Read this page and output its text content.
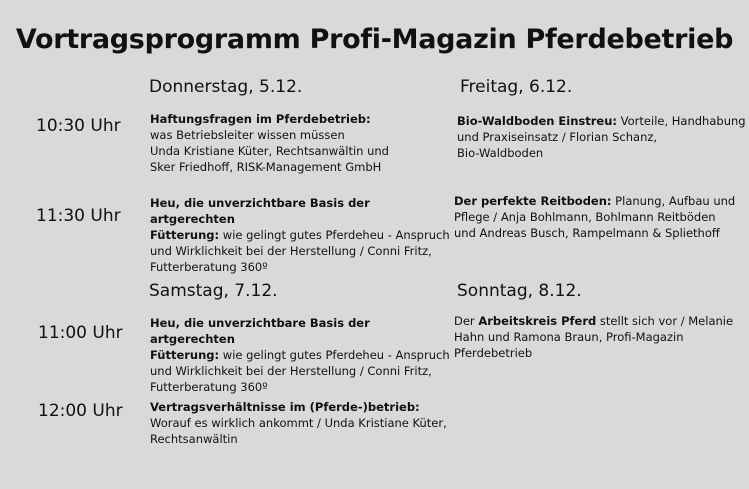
Vortragsprogramm Profi-Magazin Pferdebetrieb
Donnerstag, 5.12.	Freitag, 6.12.
Samstag, 7.12.	Sonntag, 8.12.
10:30 Uhr
11:30 Uhr
11:00 Uhr
12:00 Uhr
Haftungsfragen im Pferdebetrieb:
was Betriebsleiter wissen müssen
Unda Kristiane Küter, Rechtsanwältin und
Sker Friedhoff, RISK-Management GmbH
Heu, die unverzichtbare Basis der artgerechten
Fütterung: wie gelingt gutes Pferdeheu - Anspruch
und Wirklichkeit bei der Herstellung / Conni Fritz,
Futterberatung 360º
Bio-Waldboden Einstreu: Vorteile, Handhabung
und Praxiseinsatz / Florian Schanz,
Bio-Waldboden
Der perfekte Reitboden: Planung, Aufbau und
Pflege / Anja Bohlmann, Bohlmann Reitböden
und Andreas Busch, Rampelmann & Spliethoff
Heu, die unverzichtbare Basis der artgerechten
Fütterung: wie gelingt gutes Pferdeheu - Anspruch
und Wirklichkeit bei der Herstellung / Conni Fritz,
Futterberatung 360º
Vertragsverhältnisse im (Pferde-)betrieb:
Worauf es wirklich ankommt / Unda Kristiane Küter,
Rechtsanwältin
Der Arbeitskreis Pferd stellt sich vor / Melanie
Hahn und Ramona Braun, Profi-Magazin
Pferdebetrieb
